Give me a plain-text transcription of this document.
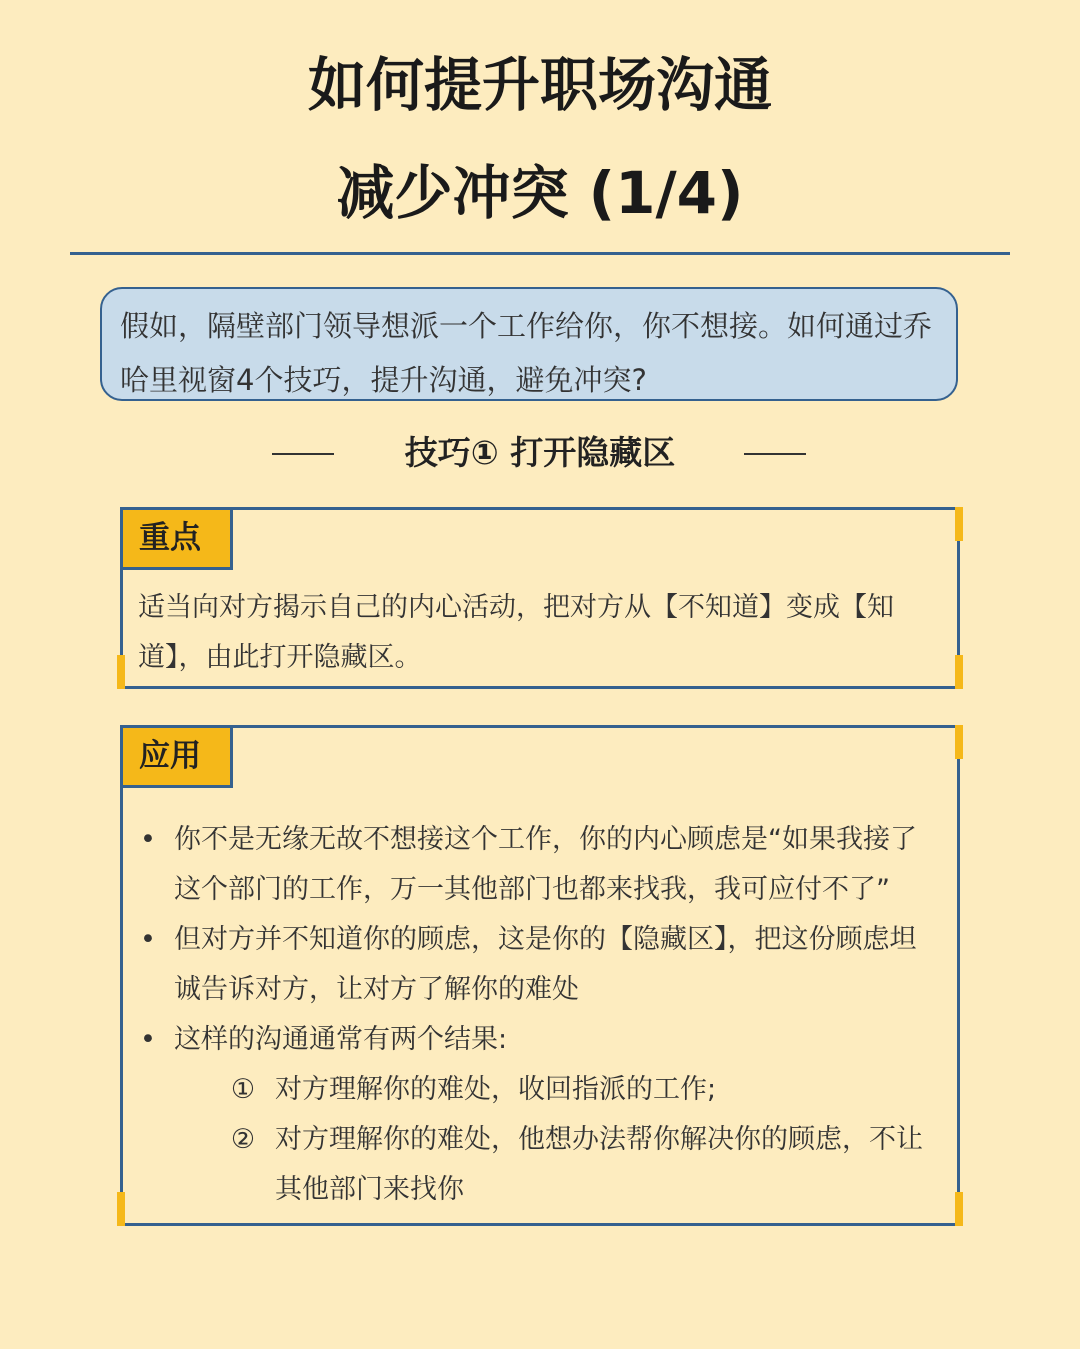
如何提升职场沟通
减少冲突 (1/4)
假如，隔壁部门领导想派一个工作给你，你不想接。如何通过乔哈里视窗4个技巧，提升沟通，避免冲突?
技巧① 打开隐藏区
重点
适当向对方揭示自己的内心活动，把对方从【不知道】变成【知道】，由此打开隐藏区。
应用
• 你不是无缘无故不想接这个工作，你的内心顾虑是“如果我接了这个部门的工作，万一其他部门也都来找我，我可应付不了”
• 但对方并不知道你的顾虑，这是你的【隐藏区】，把这份顾虑坦诚告诉对方，让对方了解你的难处
• 这样的沟通通常有两个结果:
① 对方理解你的难处，收回指派的工作;
② 对方理解你的难处，他想办法帮你解决你的顾虑，不让其他部门来找你
